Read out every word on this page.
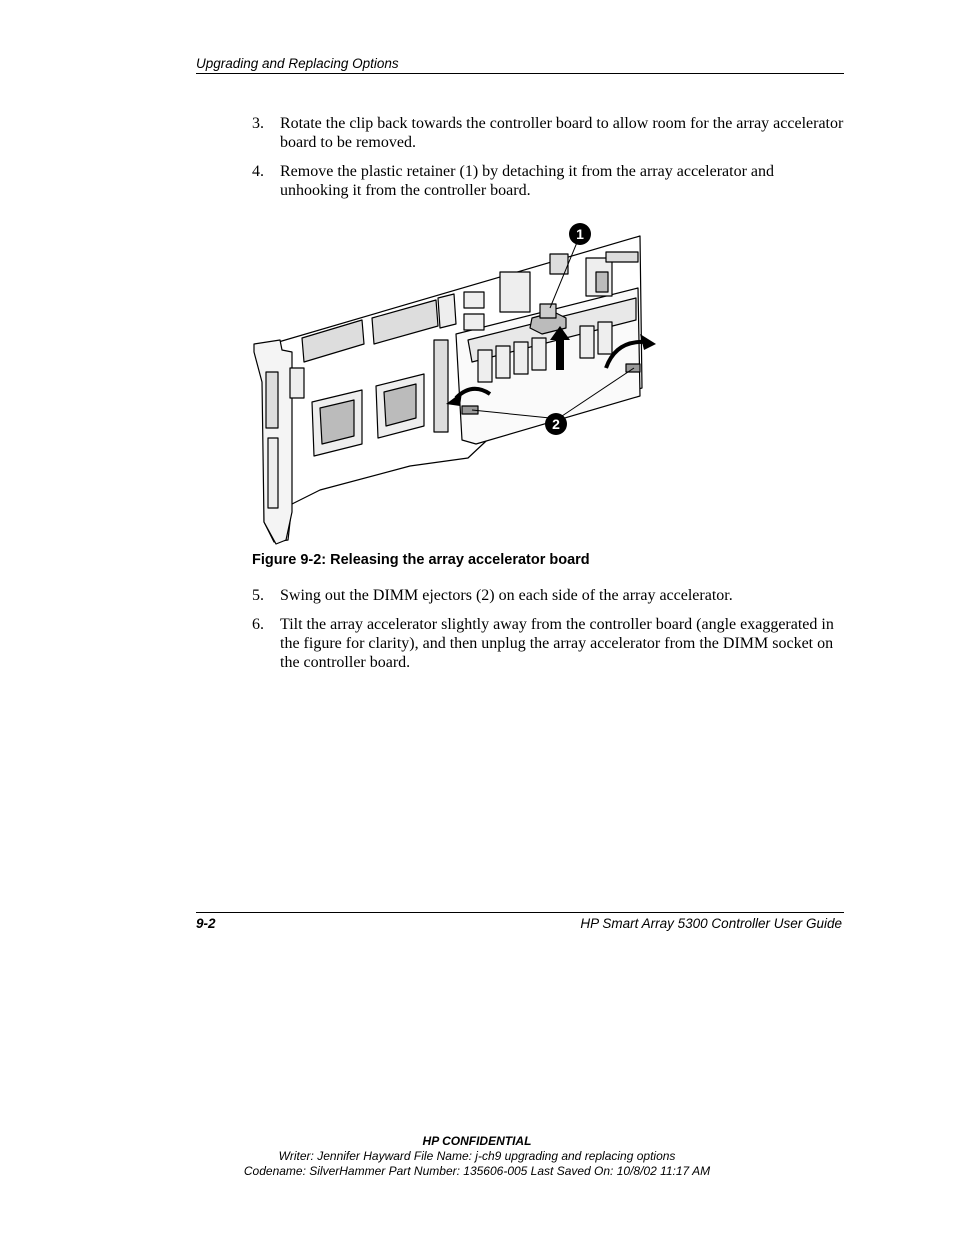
Upgrading and Replacing Options
3.	Rotate the clip back towards the controller board to allow room for the array accelerator board to be removed.
4.	Remove the plastic retainer (1) by detaching it from the array accelerator and unhooking it from the controller board.
1
2
Figure 9-2: Releasing the array accelerator board
5.	Swing out the DIMM ejectors (2) on each side of the array accelerator.
6.	Tilt the array accelerator slightly away from the controller board (angle exaggerated in the figure for clarity), and then unplug the array accelerator from the DIMM socket on the controller board.
9-2	HP Smart Array 5300 Controller User Guide
HP CONFIDENTIAL
Writer: Jennifer Hayward File Name: j-ch9 upgrading and replacing options
Codename: SilverHammer Part Number: 135606-005 Last Saved On: 10/8/02 11:17 AM
